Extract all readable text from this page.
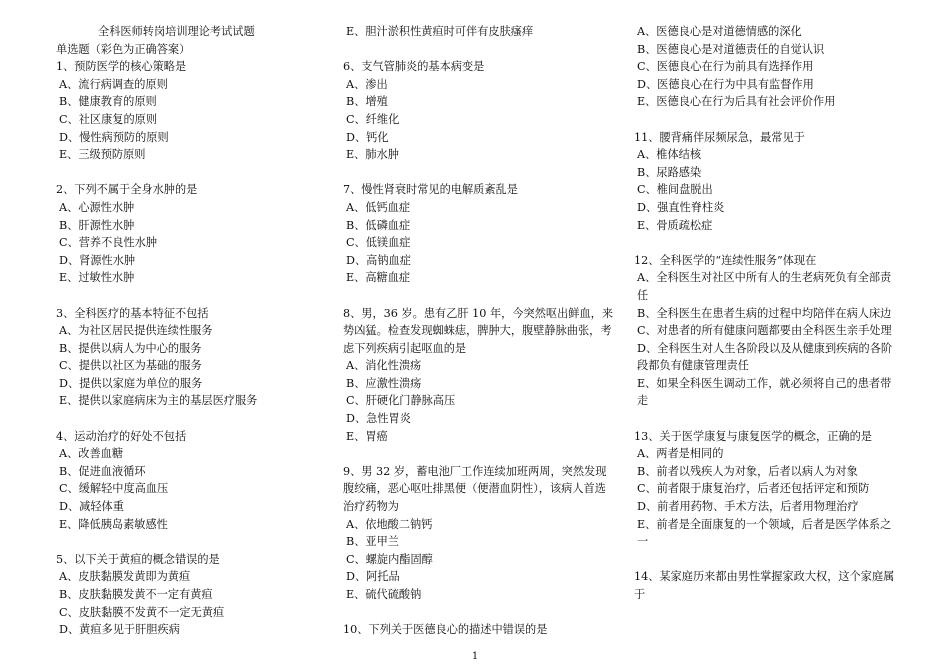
全科医师转岗培训理论考试试题
单选题（彩色为正确答案）
1、预防医学的核心策略是
A、流行病调查的原则
B、健康教育的原则
C、社区康复的原则
D、慢性病预防的原则
E、三级预防原则
2、下列不属于全身水肿的是
A、心源性水肿
B、肝源性水肿
C、营养不良性水肿
D、肾源性水肿
E、过敏性水肿
3、全科医疗的基本特征不包括
A、为社区居民提供连续性服务
B、提供以病人为中心的服务
C、提供以社区为基础的服务
D、提供以家庭为单位的服务
E、提供以家庭病床为主的基层医疗服务
4、运动治疗的好处不包括
A、改善血糖
B、促进血液循环
C、缓解轻中度高血压
D、减轻体重
E、降低胰岛素敏感性
5、以下关于黄疸的概念错误的是
A、皮肤黏膜发黄即为黄疸
B、皮肤黏膜发黄不一定有黄疸
C、皮肤黏膜不发黄不一定无黄疸
D、黄疸多见于肝胆疾病
E、胆汁淤积性黄疸时可伴有皮肤瘙痒
6、支气管肺炎的基本病变是
A、渗出
B、增殖
C、纤维化
D、钙化
E、肺水肿
7、慢性肾衰时常见的电解质紊乱是
A、低钙血症
B、低磷血症
C、低镁血症
D、高钠血症
E、高糖血症
8、男，36 岁。患有乙肝 10 年，今突然呕出鲜血，来势凶猛。检查发现蜘蛛痣，脾肿大，腹壁静脉曲张，考虑下列疾病引起呕血的是
A、消化性溃疡
B、应激性溃疡
C、肝硬化门静脉高压
D、急性胃炎
E、胃癌
9、男 32 岁，蓄电池厂工作连续加班两周，突然发现腹绞痛，恶心呕吐排黑便（便潜血阴性），该病人首选治疗药物为
A、依地酸二钠钙
B、亚甲兰
C、螺旋内酯固醇
D、阿托品
E、硫代硫酸钠
10、下列关于医德良心的描述中错误的是
A、医德良心是对道德情感的深化
B、医德良心是对道德责任的自觉认识
C、医德良心在行为前具有选择作用
D、医德良心在行为中具有监督作用
E、医德良心在行为后具有社会评价作用
11、腰背痛伴尿频尿急，最常见于
A、椎体结核
B、尿路感染
C、椎间盘脱出
D、强直性脊柱炎
E、骨质疏松症
12、全科医学的“连续性服务”体现在
A、全科医生对社区中所有人的生老病死负有全部责任
B、全科医生在患者生病的过程中均陪伴在病人床边
C、对患者的所有健康问题都要由全科医生亲手处理
D、全科医生对人生各阶段以及从健康到疾病的各阶段都负有健康管理责任
E、如果全科医生调动工作，就必须将自己的患者带走
13、关于医学康复与康复医学的概念，正确的是
A、两者是相同的
B、前者以残疾人为对象，后者以病人为对象
C、前者限于康复治疗，后者还包括评定和预防
D、前者用药物、手术方法，后者用物理治疗
E、前者是全面康复的一个领域，后者是医学体系之一
14、某家庭历来都由男性掌握家政大权，这个家庭属于
1
